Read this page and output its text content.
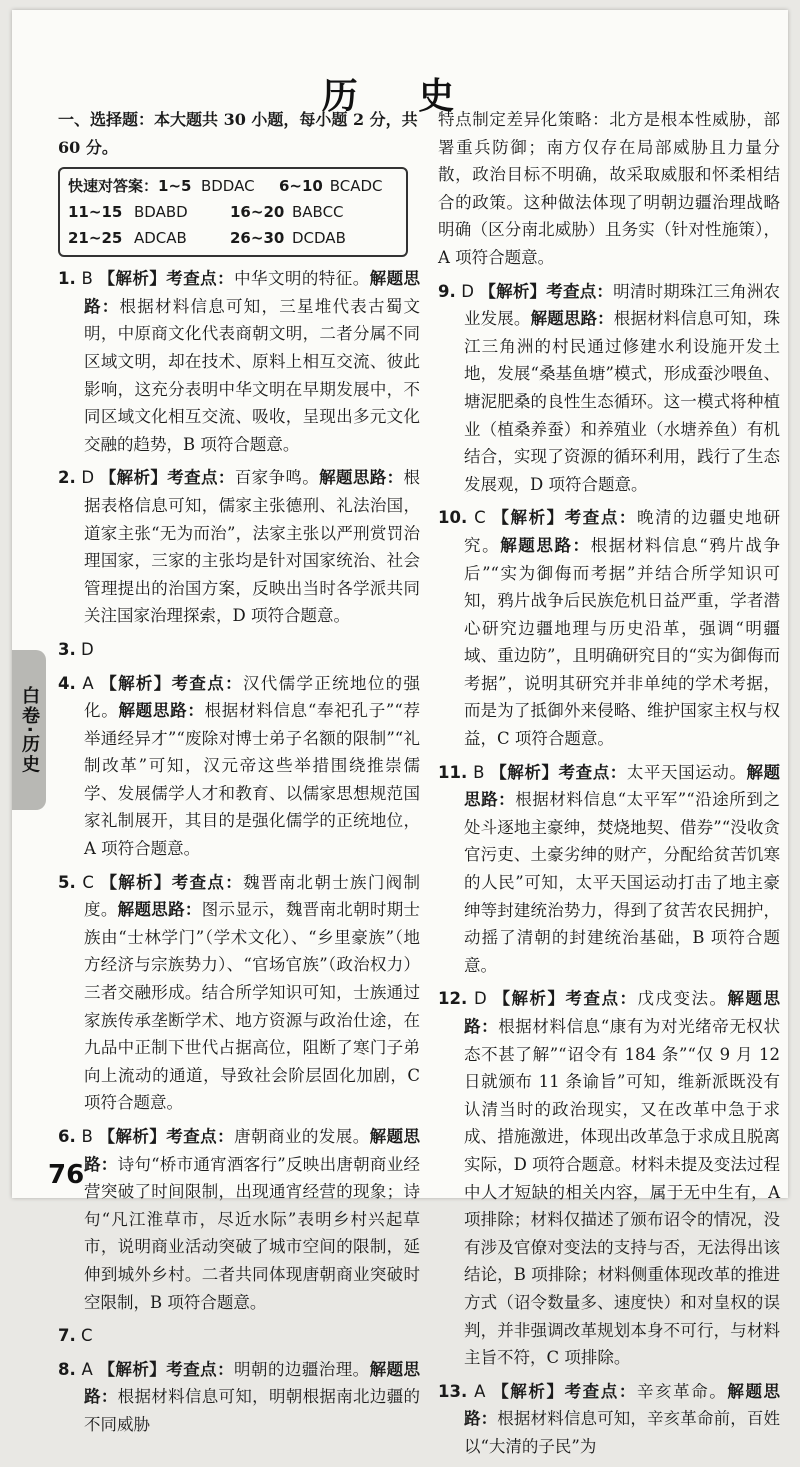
历 史
一、选择题：本大题共 30 小题，每小题 2 分，共 60 分。
快速对答案： 1~5 BDDAC	6~10 BCADC
11~15 BDABD	16~20 BABCC
21~25 ADCAB	26~30 DCDAB
1. B 【解析】考查点：中华文明的特征。解题思路：根据材料信息可知，三星堆代表古蜀文明，中原商文化代表商朝文明，二者分属不同区域文明，却在技术、原料上相互交流、彼此影响，这充分表明中华文明在早期发展中，不同区域文化相互交流、吸收，呈现出多元文化交融的趋势，B 项符合题意。
2. D 【解析】考查点：百家争鸣。解题思路：根据表格信息可知，儒家主张德刑、礼法治国，道家主张“无为而治”，法家主张以严刑赏罚治理国家，三家的主张均是针对国家统治、社会管理提出的治国方案，反映出当时各学派共同关注国家治理探索，D 项符合题意。
3. D
4. A 【解析】考查点：汉代儒学正统地位的强化。解题思路：根据材料信息“奉祀孔子”“荐举通经异才”“废除对博士弟子名额的限制”“礼制改革”可知，汉元帝这些举措围绕推崇儒学、发展儒学人才和教育、以儒家思想规范国家礼制展开，其目的是强化儒学的正统地位，A 项符合题意。
5. C 【解析】考查点：魏晋南北朝士族门阀制度。解题思路：图示显示，魏晋南北朝时期士族由“士林学门”（学术文化）、“乡里豪族”（地方经济与宗族势力）、“官场官族”（政治权力）三者交融形成。结合所学知识可知，士族通过家族传承垄断学术、地方资源与政治仕途，在九品中正制下世代占据高位，阻断了寒门子弟向上流动的通道，导致社会阶层固化加剧，C 项符合题意。
6. B 【解析】考查点：唐朝商业的发展。解题思路：诗句“桥市通宵酒客行”反映出唐朝商业经营突破了时间限制，出现通宵经营的现象；诗句“凡江淮草市，尽近水际”表明乡村兴起草市，说明商业活动突破了城市空间的限制，延伸到城外乡村。二者共同体现唐朝商业突破时空限制，B 项符合题意。
7. C
8. A 【解析】考查点：明朝的边疆治理。解题思路：根据材料信息可知，明朝根据南北边疆的不同威胁
特点制定差异化策略：北方是根本性威胁，部署重兵防御；南方仅存在局部威胁且力量分散，政治目标不明确，故采取威服和怀柔相结合的政策。这种做法体现了明朝边疆治理战略明确（区分南北威胁）且务实（针对性施策），A 项符合题意。
9. D 【解析】考查点：明清时期珠江三角洲农业发展。解题思路：根据材料信息可知，珠江三角洲的村民通过修建水利设施开发土地，发展“桑基鱼塘”模式，形成蚕沙喂鱼、塘泥肥桑的良性生态循环。这一模式将种植业（植桑养蚕）和养殖业（水塘养鱼）有机结合，实现了资源的循环利用，践行了生态发展观，D 项符合题意。
10. C 【解析】考查点：晚清的边疆史地研究。解题思路：根据材料信息“鸦片战争后”“实为御侮而考据”并结合所学知识可知，鸦片战争后民族危机日益严重，学者潜心研究边疆地理与历史沿革，强调“明疆域、重边防”，且明确研究目的“实为御侮而考据”，说明其研究并非单纯的学术考据，而是为了抵御外来侵略、维护国家主权与权益，C 项符合题意。
11. B 【解析】考查点：太平天国运动。解题思路：根据材料信息“太平军”“沿途所到之处斗逐地主豪绅，焚烧地契、借券”“没收贪官污吏、土豪劣绅的财产，分配给贫苦饥寒的人民”可知，太平天国运动打击了地主豪绅等封建统治势力，得到了贫苦农民拥护，动摇了清朝的封建统治基础，B 项符合题意。
12. D 【解析】考查点：戊戌变法。解题思路：根据材料信息“康有为对光绪帝无权状态不甚了解”“诏令有 184 条”“仅 9 月 12 日就颁布 11 条谕旨”可知，维新派既没有认清当时的政治现实，又在改革中急于求成、措施激进，体现出改革急于求成且脱离实际，D 项符合题意。材料未提及变法过程中人才短缺的相关内容，属于无中生有，A 项排除；材料仅描述了颁布诏令的情况，没有涉及官僚对变法的支持与否，无法得出该结论，B 项排除；材料侧重体现改革的推进方式（诏令数量多、速度快）和对皇权的误判，并非强调改革规划本身不可行，与材料主旨不符，C 项排除。
13. A 【解析】考查点：辛亥革命。解题思路：根据材料信息可知，辛亥革命前，百姓以“大清的子民”为
白卷·历史
76
